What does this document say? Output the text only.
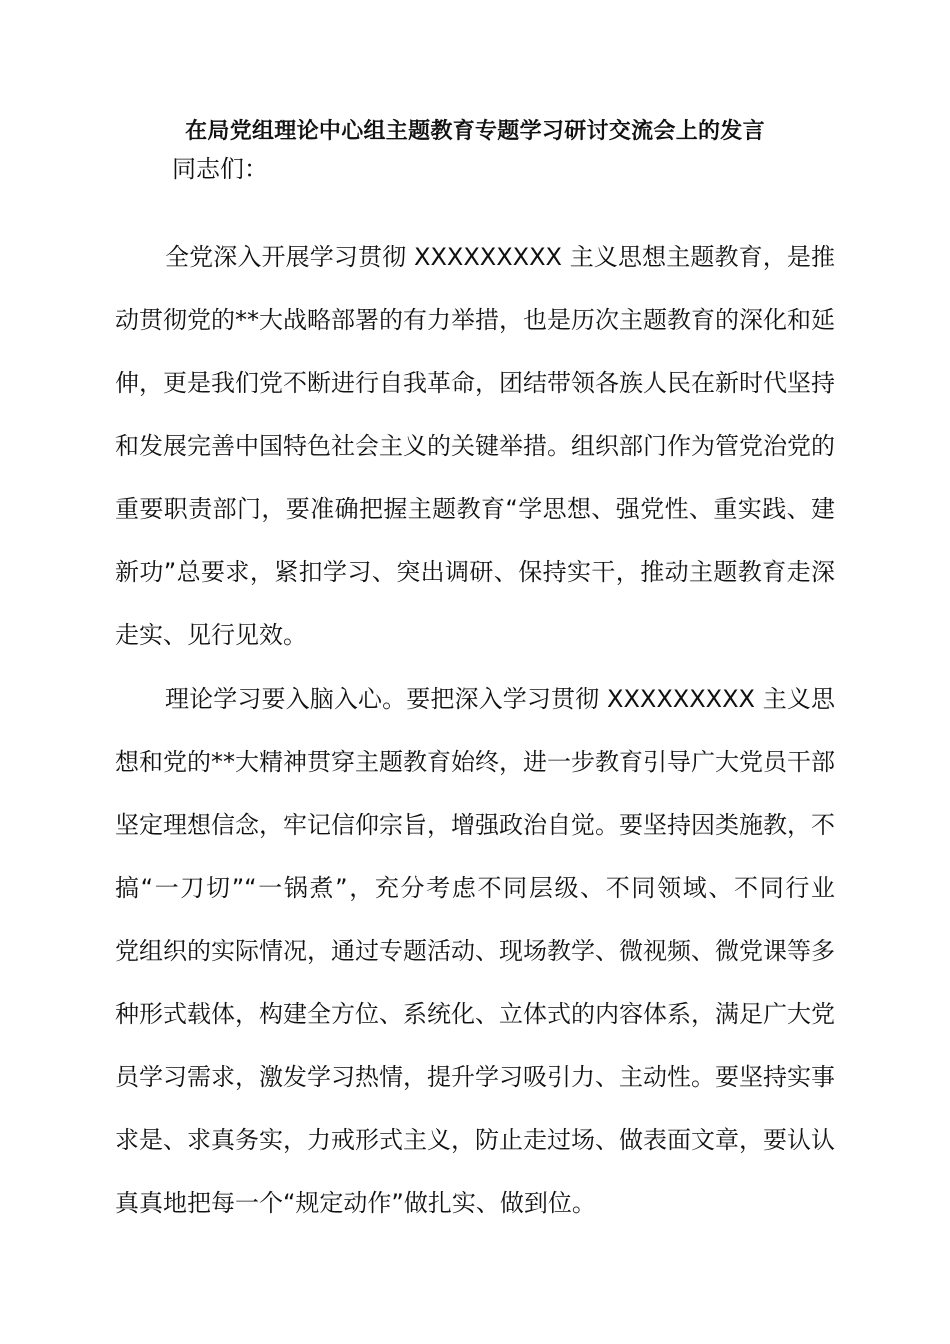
在局党组理论中心组主题教育专题学习研讨交流会上的发言
同志们：
全党深入开展学习贯彻 XXXXXXXXX 主义思想主题教育，是推
动贯彻党的**大战略部署的有力举措，也是历次主题教育的深化和延
伸，更是我们党不断进行自我革命，团结带领各族人民在新时代坚持
和发展完善中国特色社会主义的关键举措。组织部门作为管党治党的
重要职责部门，要准确把握主题教育“学思想、强党性、重实践、建
新功”总要求，紧扣学习、突出调研、保持实干，推动主题教育走深
走实、见行见效。
理论学习要入脑入心。要把深入学习贯彻 XXXXXXXXX 主义思
想和党的**大精神贯穿主题教育始终，进一步教育引导广大党员干部
坚定理想信念，牢记信仰宗旨，增强政治自觉。要坚持因类施教，不
搞“一刀切”“一锅煮”，充分考虑不同层级、不同领域、不同行业
党组织的实际情况，通过专题活动、现场教学、微视频、微党课等多
种形式载体，构建全方位、系统化、立体式的内容体系，满足广大党
员学习需求，激发学习热情，提升学习吸引力、主动性。要坚持实事
求是、求真务实，力戒形式主义，防止走过场、做表面文章，要认认
真真地把每一个“规定动作”做扎实、做到位。
